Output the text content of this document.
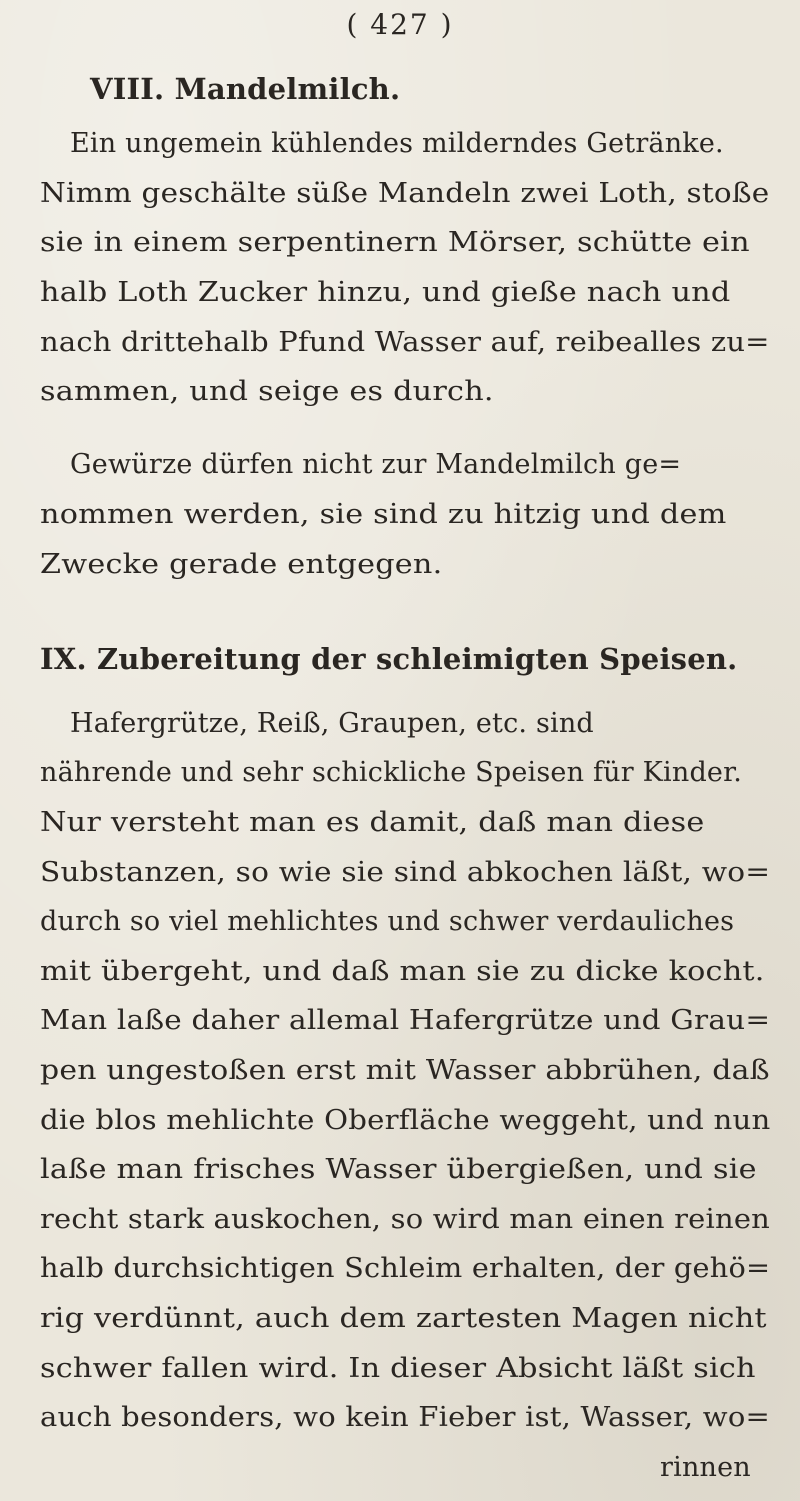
( 427 )
VIII. Mandelmilch.
Ein ungemein kühlendes milderndes Getränke.
Nimm geschälte süße Mandeln zwei Loth, stoße
sie in einem serpentinern Mörser, schütte ein
halb Loth Zucker hinzu, und gieße nach und
nach drittehalb Pfund Wasser auf, reibealles zu=
sammen, und seige es durch.
Gewürze dürfen nicht zur Mandelmilch ge=
nommen werden, sie sind zu hitzig und dem
Zwecke gerade entgegen.
IX. Zubereitung der schleimigten Speisen.
Hafergrütze, Reiß, Graupen, etc. sind
nährende und sehr schickliche Speisen für Kinder.
Nur versteht man es damit, daß man diese
Substanzen, so wie sie sind abkochen läßt, wo=
durch so viel mehlichtes und schwer verdauliches
mit übergeht, und daß man sie zu dicke kocht.
Man laße daher allemal Hafergrütze und Grau=
pen ungestoßen erst mit Wasser abbrühen, daß
die blos mehlichte Oberfläche weggeht, und nun
laße man frisches Wasser übergießen, und sie
recht stark auskochen, so wird man einen reinen
halb durchsichtigen Schleim erhalten, der gehö=
rig verdünnt, auch dem zartesten Magen nicht
schwer fallen wird. In dieser Absicht läßt sich
auch besonders, wo kein Fieber ist, Wasser, wo=
rinnen
